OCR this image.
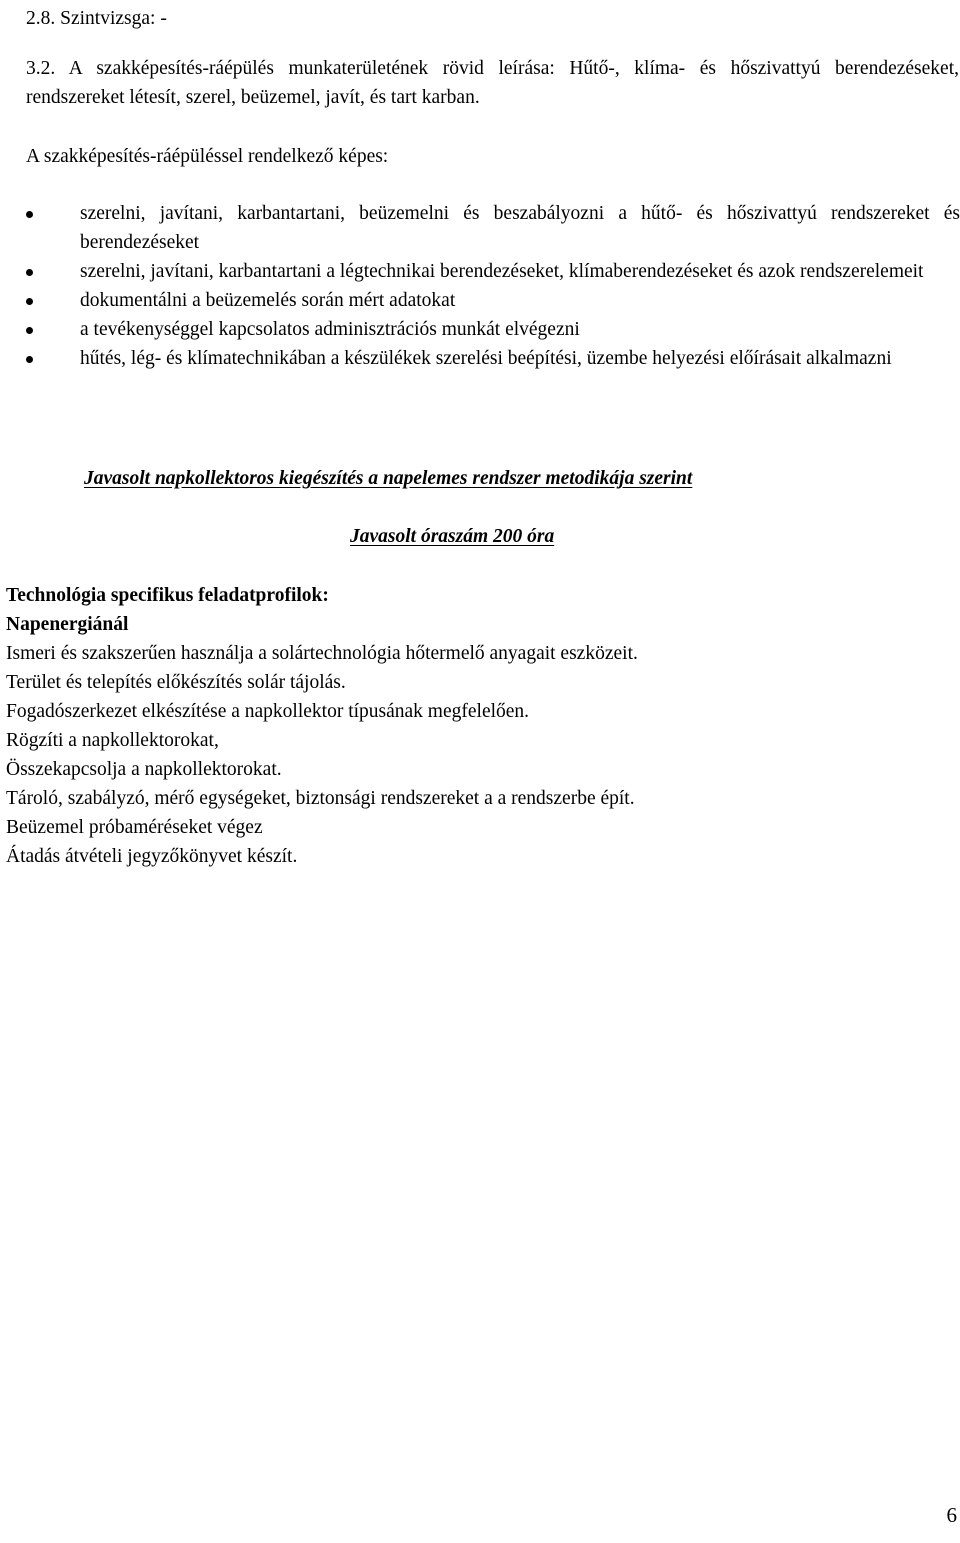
2.8. Szintvizsga: -
3.2. A szakképesítés-ráépülés munkaterületének rövid leírása: Hűtő-, klíma- és hőszivattyú berendezéseket, rendszereket létesít, szerel, beüzemel, javít, és tart karban.
A szakképesítés-ráépüléssel rendelkező képes:
szerelni, javítani, karbantartani, beüzemelni és beszabályozni a hűtő- és hőszivattyú rendszereket és berendezéseket
szerelni, javítani, karbantartani a légtechnikai berendezéseket, klímaberendezéseket és azok rendszerelemeit
dokumentálni a beüzemelés során mért adatokat
a tevékenységgel kapcsolatos adminisztrációs munkát elvégezni
hűtés, lég- és klímatechnikában a készülékek szerelési beépítési, üzembe helyezési előírásait alkalmazni
Javasolt napkollektoros kiegészítés a napelemes rendszer metodikája szerint
Javasolt óraszám 200 óra
Technológia specifikus feladatprofilok:
Napenergiánál
Ismeri és szakszerűen használja a solártechnológia hőtermelő anyagait eszközeit.
Terület és telepítés előkészítés solár tájolás.
Fogadószerkezet elkészítése a napkollektor típusának megfelelően.
Rögzíti a napkollektorokat,
Összekapcsolja a napkollektorokat.
Tároló, szabályzó, mérő egységeket, biztonsági rendszereket a a rendszerbe épít.
Beüzemel próbaméréseket végez
Átadás átvételi jegyzőkönyvet készít.
6
